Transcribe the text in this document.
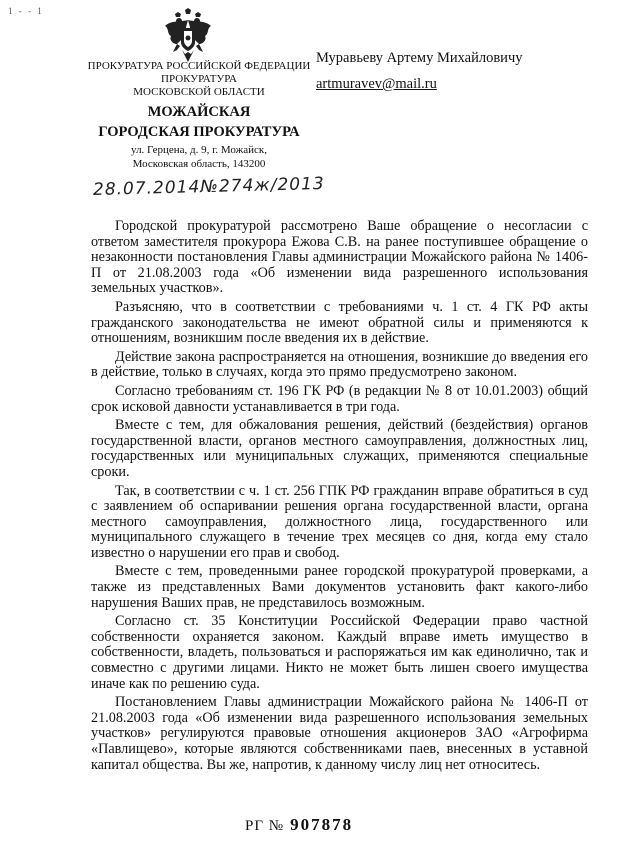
1 - - 1
ПРОКУРАТУРА РОССИЙСКОЙ ФЕДЕРАЦИИ
ПРОКУРАТУРА
МОСКОВСКОЙ ОБЛАСТИ
МОЖАЙСКАЯ
ГОРОДСКАЯ ПРОКУРАТУРА
ул. Герцена, д. 9, г. Можайск,
Московская область, 143200
Муравьеву Артему Михайловичу
artmuravev@mail.ru
28.07.2014№274ж/2013

Городской прокуратурой рассмотрено Ваше обращение о несогласии с ответом заместителя прокурора Ежова С.В. на ранее поступившее обращение о незаконности постановления Главы администрации Можайского района № 1406-П от 21.08.2003 года «Об изменении вида разрешенного использования земельных участков».

Разъясняю, что в соответствии с требованиями ч. 1 ст. 4 ГК РФ акты гражданского законодательства не имеют обратной силы и применяются к отношениям, возникшим после введения их в действие.

Действие закона распространяется на отношения, возникшие до введения его в действие, только в случаях, когда это прямо предусмотрено законом.

Согласно требованиям ст. 196 ГК РФ (в редакции № 8 от 10.01.2003) общий срок исковой давности устанавливается в три года.

Вместе с тем, для обжалования решения, действий (бездействия) органов государственной власти, органов местного самоуправления, должностных лиц, государственных или муниципальных служащих, применяются специальные сроки.

Так, в соответствии с ч. 1 ст. 256 ГПК РФ гражданин вправе обратиться в суд с заявлением об оспаривании решения органа государственной власти, органа местного самоуправления, должностного лица, государственного или муниципального служащего в течение трех месяцев со дня, когда ему стало известно о нарушении его прав и свобод.

Вместе с тем, проведенными ранее городской прокуратурой проверками, а также из представленных Вами документов установить факт какого-либо нарушения Ваших прав, не представилось возможным.

Согласно ст. 35 Конституции Российской Федерации право частной собственности охраняется законом. Каждый вправе иметь имущество в собственности, владеть, пользоваться и распоряжаться им как единолично, так и совместно с другими лицами. Никто не может быть лишен своего имущества иначе как по решению суда.

Постановлением Главы администрации Можайского района № 1406-П от 21.08.2003 года «Об изменении вида разрешенного использования земельных участков» регулируются правовые отношения акционеров ЗАО «Агрофирма «Павлищево», которые являются собственниками паев, внесенных в уставной капитал общества. Вы же, напротив, к данному числу лиц нет относитесь.

РГ № 907878
